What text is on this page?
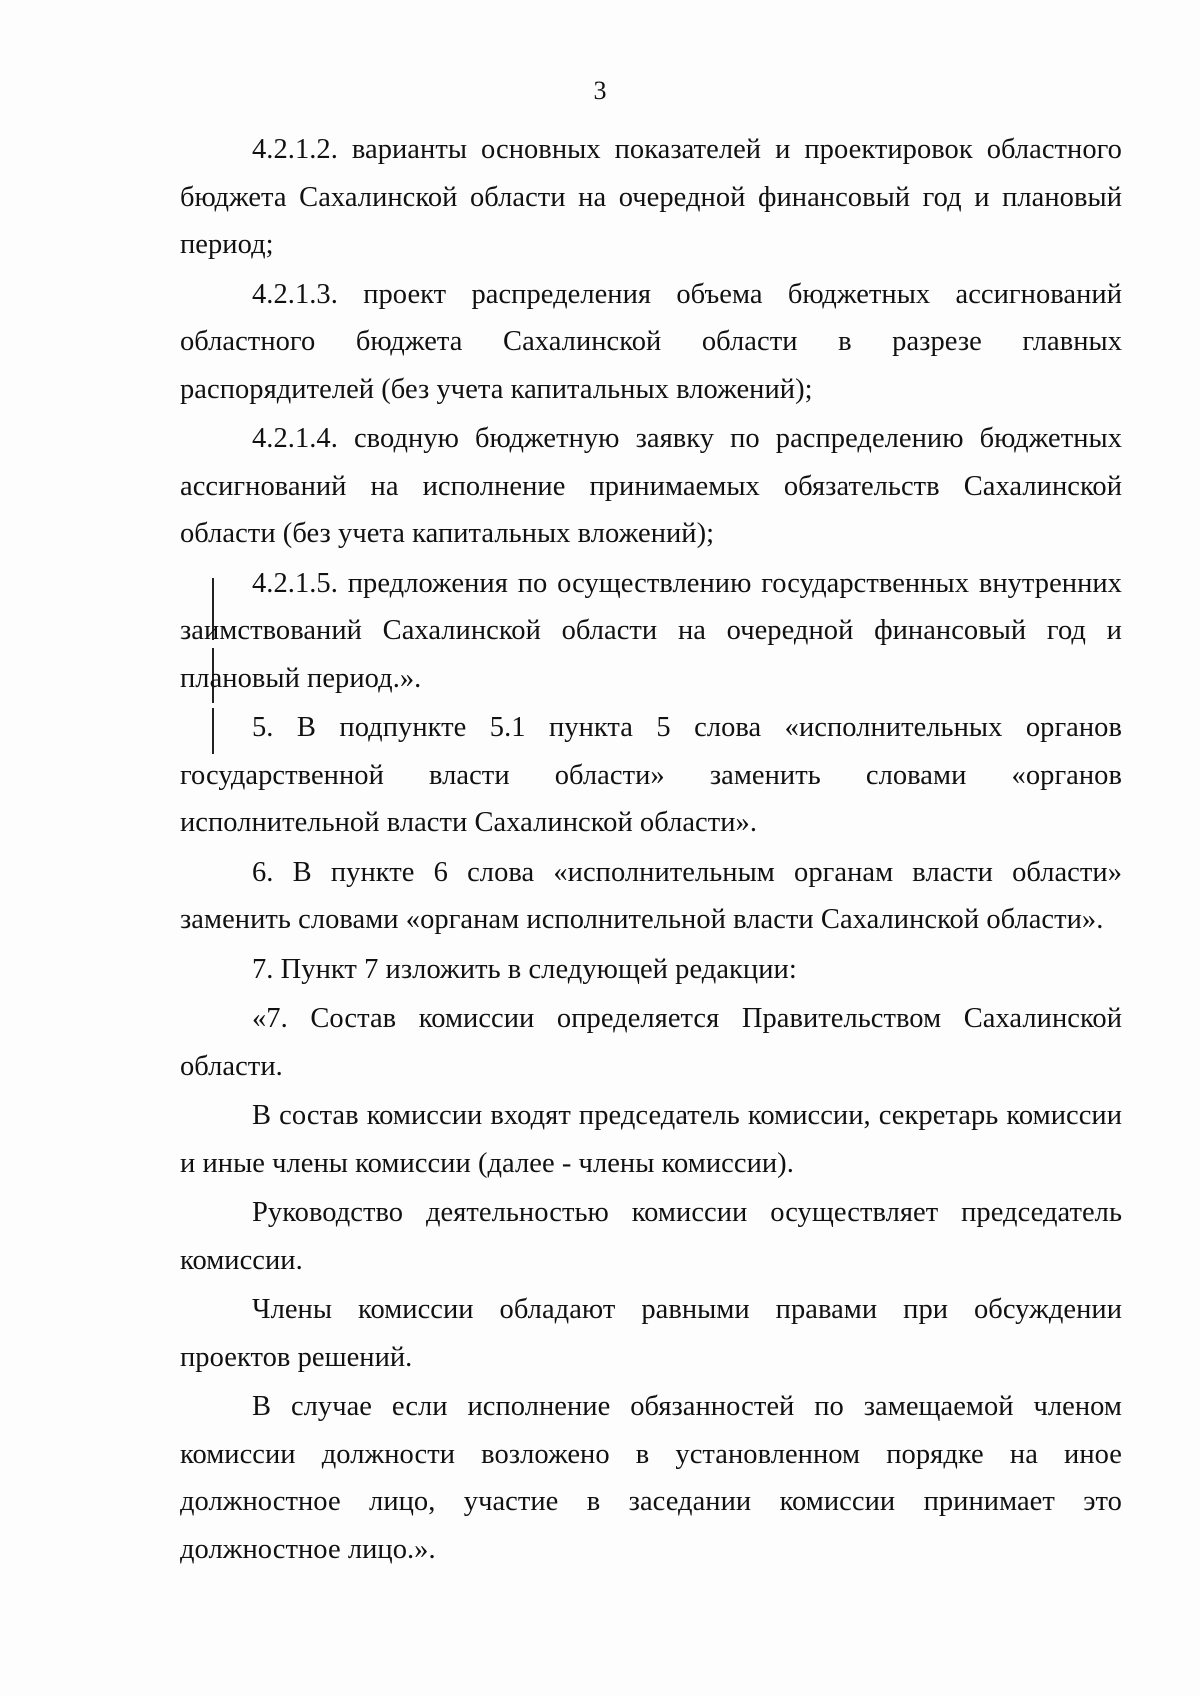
3

4.2.1.2. варианты основных показателей и проектировок областного бюджета Сахалинской области на очередной финансовый год и плановый период;

4.2.1.3. проект распределения объема бюджетных ассигнований областного бюджета Сахалинской области в разрезе главных распорядителей (без учета капитальных вложений);

4.2.1.4. сводную бюджетную заявку по распределению бюджетных ассигнований на исполнение принимаемых обязательств Сахалинской области (без учета капитальных вложений);

4.2.1.5. предложения по осуществлению государственных внутренних заимствований Сахалинской области на очередной финансовый год и плановый период.».

5. В подпункте 5.1 пункта 5 слова «исполнительных органов государственной власти области» заменить словами «органов исполнительной власти Сахалинской области».

6. В пункте 6 слова «исполнительным органам власти области» заменить словами «органам исполнительной власти Сахалинской области».

7. Пункт 7 изложить в следующей редакции:

«7. Состав комиссии определяется Правительством Сахалинской области.

В состав комиссии входят председатель комиссии, секретарь комиссии и иные члены комиссии (далее - члены комиссии).

Руководство деятельностью комиссии осуществляет председатель комиссии.

Члены комиссии обладают равными правами при обсуждении проектов решений.

В случае если исполнение обязанностей по замещаемой членом комиссии должности возложено в установленном порядке на иное должностное лицо, участие в заседании комиссии принимает это должностное лицо.».
